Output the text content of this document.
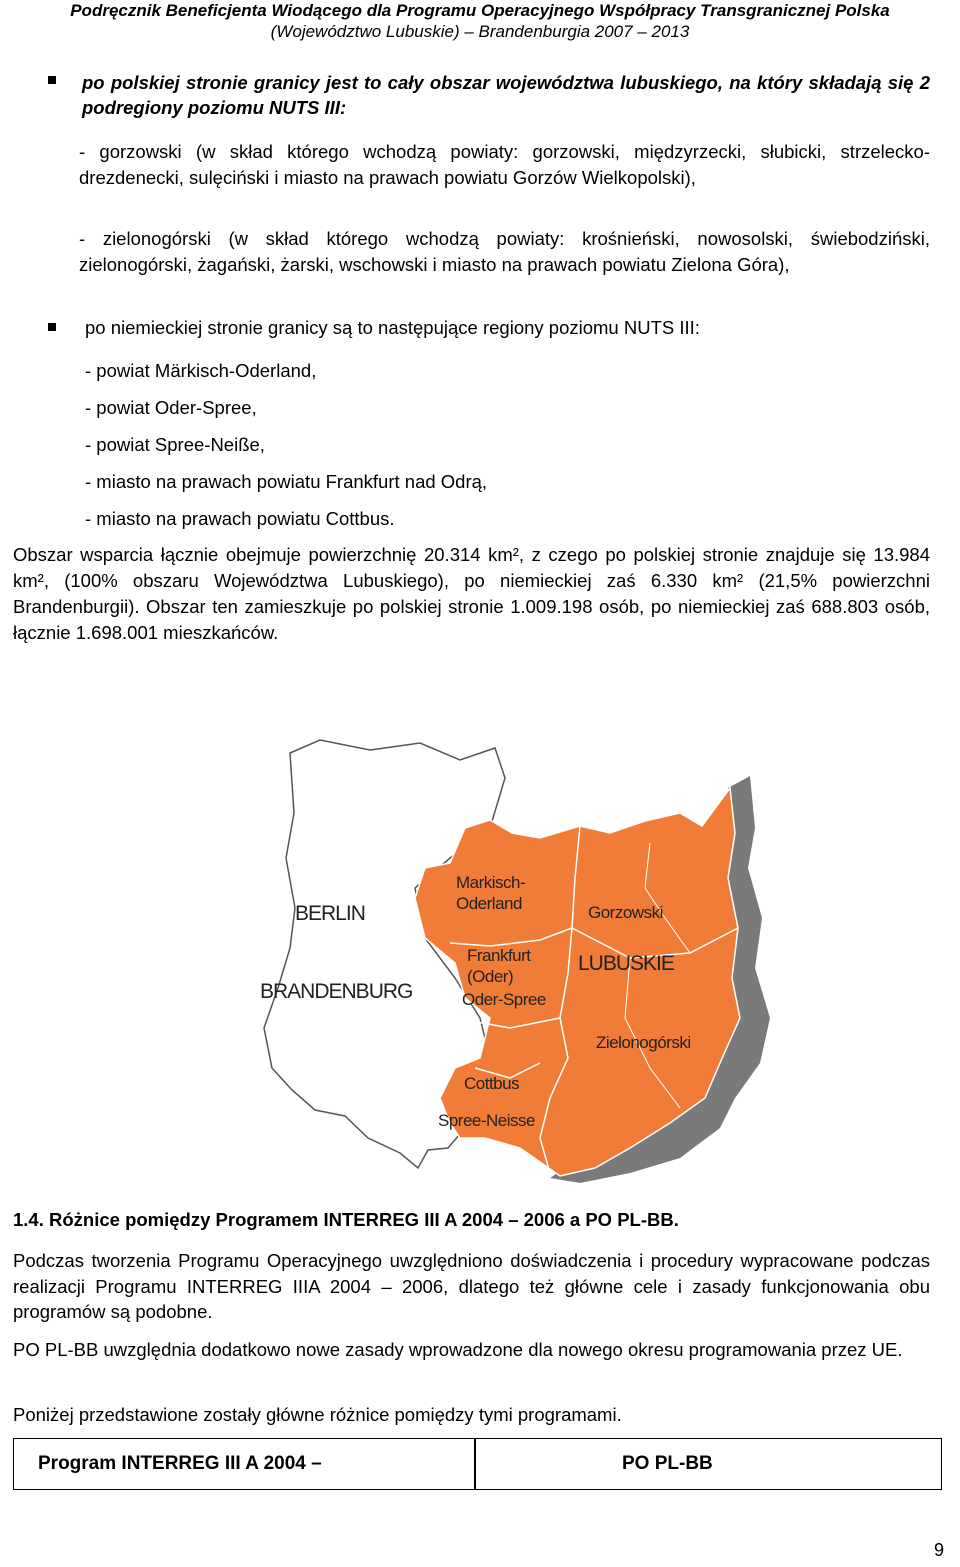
Podręcznik Beneficjenta Wiodącego dla Programu Operacyjnego Współpracy Transgranicznej Polska
(Województwo Lubuskie) – Brandenburgia 2007 – 2013
po polskiej stronie granicy jest to cały obszar województwa lubuskiego, na który składają się 2 podregiony poziomu NUTS III:
- gorzowski (w skład którego wchodzą powiaty: gorzowski, międzyrzecki, słubicki, strzelecko-drezdenecki, sulęciński i miasto na prawach powiatu Gorzów Wielkopolski),
- zielonogórski (w skład którego wchodzą powiaty: krośnieński, nowosolski, świebodziński, zielonogórski, żagański, żarski, wschowski i miasto na prawach powiatu Zielona Góra),
po niemieckiej stronie granicy są to następujące regiony poziomu NUTS III:
- powiat Märkisch-Oderland,
- powiat Oder-Spree,
- powiat Spree-Neiße,
- miasto na prawach powiatu Frankfurt nad Odrą,
- miasto na prawach powiatu Cottbus.
Obszar wsparcia łącznie obejmuje powierzchnię 20.314 km², z czego po polskiej stronie znajduje się 13.984 km², (100% obszaru Województwa Lubuskiego), po niemieckiej zaś 6.330 km² (21,5% powierzchni Brandenburgii). Obszar ten zamieszkuje po polskiej stronie 1.009.198 osób, po niemieckiej zaś 688.803 osób, łącznie 1.698.001 mieszkańców.
BERLIN
BRANDENBURG
Markisch-
Oderland
Frankfurt
(Oder)
Oder-Spree
Gorzowski
LUBUSKIE
Zielonogórski
Cottbus
Spree-Neisse
1.4. Różnice pomiędzy Programem INTERREG III A 2004 – 2006 a PO PL-BB.
Podczas tworzenia Programu Operacyjnego uwzględniono doświadczenia i procedury wypracowane podczas realizacji Programu INTERREG IIIA 2004 – 2006, dlatego też główne cele i zasady funkcjonowania obu programów są podobne.
PO PL-BB uwzględnia dodatkowo nowe zasady wprowadzone dla nowego okresu programowania przez UE.
Poniżej przedstawione zostały główne różnice pomiędzy tymi programami.
Program INTERREG III A 2004 –	PO PL-BB
9
